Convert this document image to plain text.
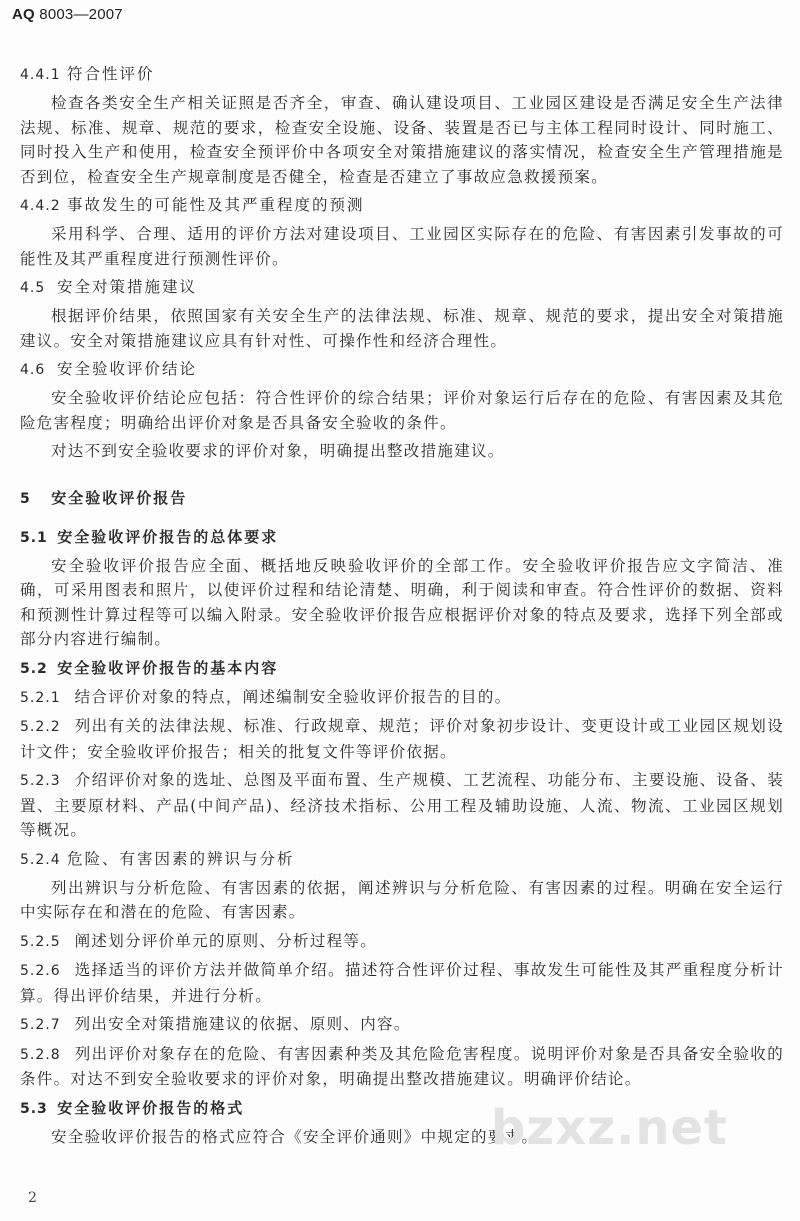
AQ 8003—2007
4.4.1 符合性评价

检查各类安全生产相关证照是否齐全，审查、确认建设项目、工业园区建设是否满足安全生产法律法规、标准、规章、规范的要求，检查安全设施、设备、装置是否已与主体工程同时设计、同时施工、同时投入生产和使用，检查安全预评价中各项安全对策措施建议的落实情况，检查安全生产管理措施是否到位，检查安全生产规章制度是否健全，检查是否建立了事故应急救援预案。

4.4.2 事故发生的可能性及其严重程度的预测

采用科学、合理、适用的评价方法对建设项目、工业园区实际存在的危险、有害因素引发事故的可能性及其严重程度进行预测性评价。

4.5 安全对策措施建议

根据评价结果，依照国家有关安全生产的法律法规、标准、规章、规范的要求，提出安全对策措施建议。安全对策措施建议应具有针对性、可操作性和经济合理性。

4.6 安全验收评价结论

安全验收评价结论应包括：符合性评价的综合结果；评价对象运行后存在的危险、有害因素及其危险危害程度；明确给出评价对象是否具备安全验收的条件。

对达不到安全验收要求的评价对象，明确提出整改措施建议。

5 安全验收评价报告
5.1 安全验收评价报告的总体要求

安全验收评价报告应全面、概括地反映验收评价的全部工作。安全验收评价报告应文字简洁、准确，可采用图表和照片，以使评价过程和结论清楚、明确，利于阅读和审查。符合性评价的数据、资料和预测性计算过程等可以编入附录。安全验收评价报告应根据评价对象的特点及要求，选择下列全部或部分内容进行编制。

5.2 安全验收评价报告的基本内容

5.2.1 结合评价对象的特点，阐述编制安全验收评价报告的目的。

5.2.2 列出有关的法律法规、标准、行政规章、规范；评价对象初步设计、变更设计或工业园区规划设计文件；安全验收评价报告；相关的批复文件等评价依据。

5.2.3 介绍评价对象的选址、总图及平面布置、生产规模、工艺流程、功能分布、主要设施、设备、装置、主要原材料、产品(中间产品)、经济技术指标、公用工程及辅助设施、人流、物流、工业园区规划等概况。

5.2.4 危险、有害因素的辨识与分析

列出辨识与分析危险、有害因素的依据，阐述辨识与分析危险、有害因素的过程。明确在安全运行中实际存在和潜在的危险、有害因素。

5.2.5 阐述划分评价单元的原则、分析过程等。

5.2.6 选择适当的评价方法并做简单介绍。描述符合性评价过程、事故发生可能性及其严重程度分析计算。得出评价结果，并进行分析。

5.2.7 列出安全对策措施建议的依据、原则、内容。

5.2.8 列出评价对象存在的危险、有害因素种类及其危险危害程度。说明评价对象是否具备安全验收的条件。对达不到安全验收要求的评价对象，明确提出整改措施建议。明确评价结论。

5.3 安全验收评价报告的格式

安全验收评价报告的格式应符合《安全评价通则》中规定的要求。

bzxz.net
2
